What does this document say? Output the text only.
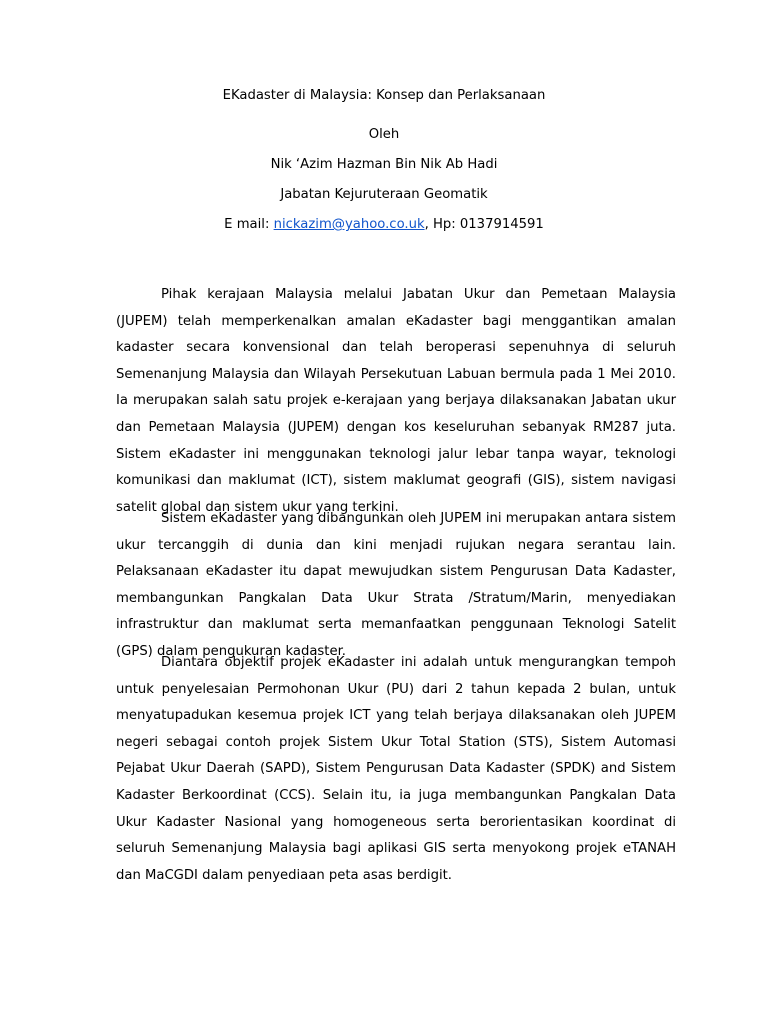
EKadaster di Malaysia: Konsep dan Perlaksanaan
Oleh
Nik ‘Azim Hazman Bin Nik Ab Hadi
Jabatan Kejuruteraan Geomatik
E mail: nickazim@yahoo.co.uk, Hp: 0137914591

Pihak kerajaan Malaysia melalui Jabatan Ukur dan Pemetaan Malaysia (JUPEM) telah memperkenalkan amalan eKadaster bagi menggantikan amalan kadaster secara konvensional dan telah beroperasi sepenuhnya di seluruh Semenanjung Malaysia dan Wilayah Persekutuan Labuan bermula pada 1 Mei 2010. Ia merupakan salah satu projek e-kerajaan yang berjaya dilaksanakan Jabatan ukur dan Pemetaan Malaysia (JUPEM) dengan kos keseluruhan sebanyak RM287 juta. Sistem eKadaster ini menggunakan teknologi jalur lebar tanpa wayar, teknologi komunikasi dan maklumat (ICT), sistem maklumat geografi (GIS), sistem navigasi satelit global dan sistem ukur yang terkini.

Sistem eKadaster yang dibangunkan oleh JUPEM ini merupakan antara sistem ukur tercanggih di dunia dan kini menjadi rujukan negara serantau lain. Pelaksanaan eKadaster itu dapat mewujudkan sistem Pengurusan Data Kadaster, membangunkan Pangkalan Data Ukur Strata /Stratum/Marin, menyediakan infrastruktur dan maklumat serta memanfaatkan penggunaan Teknologi Satelit (GPS) dalam pengukuran kadaster.

Diantara objektif projek eKadaster ini adalah untuk mengurangkan tempoh untuk penyelesaian Permohonan Ukur (PU) dari 2 tahun kepada 2 bulan, untuk menyatupadukan kesemua projek ICT yang telah berjaya dilaksanakan oleh JUPEM negeri sebagai contoh projek Sistem Ukur Total Station (STS), Sistem Automasi Pejabat Ukur Daerah (SAPD), Sistem Pengurusan Data Kadaster (SPDK) and Sistem Kadaster Berkoordinat (CCS). Selain itu, ia juga membangunkan Pangkalan Data Ukur Kadaster Nasional yang homogeneous serta berorientasikan koordinat di seluruh Semenanjung Malaysia bagi aplikasi GIS serta menyokong projek eTANAH dan MaCGDI dalam penyediaan peta asas berdigit.
